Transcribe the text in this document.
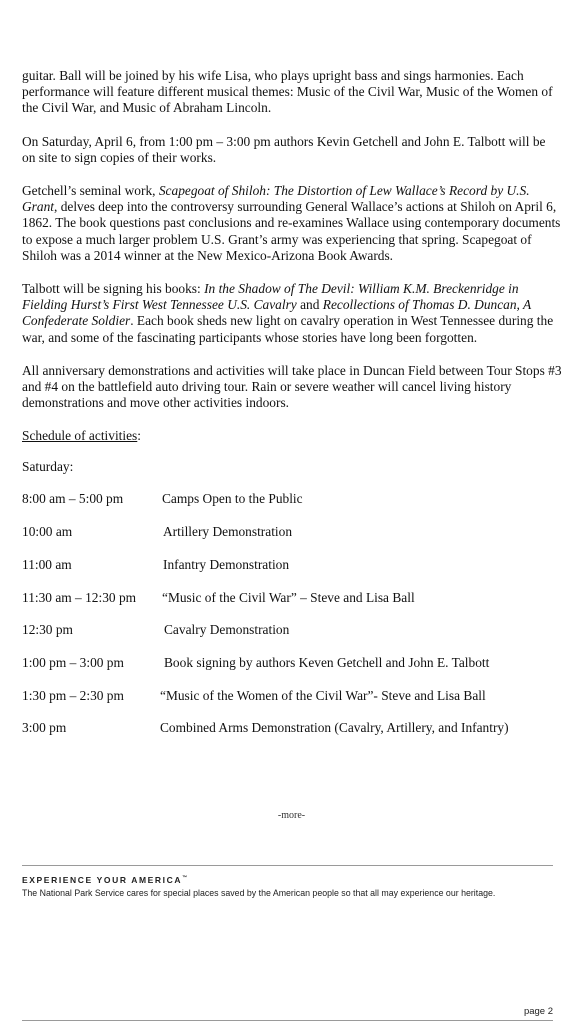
guitar. Ball will be joined by his wife Lisa, who plays upright bass and sings harmonies. Each performance will feature different musical themes: Music of the Civil War, Music of the Women of the Civil War, and Music of Abraham Lincoln.

On Saturday, April 6, from 1:00 pm – 3:00 pm authors Kevin Getchell and John E. Talbott will be on site to sign copies of their works.

Getchell’s seminal work, Scapegoat of Shiloh: The Distortion of Lew Wallace’s Record by U.S. Grant, delves deep into the controversy surrounding General Wallace’s actions at Shiloh on April 6, 1862. The book questions past conclusions and re-examines Wallace using contemporary documents to expose a much larger problem U.S. Grant’s army was experiencing that spring. Scapegoat of Shiloh was a 2014 winner at the New Mexico-Arizona Book Awards.

Talbott will be signing his books: In the Shadow of The Devil: William K.M. Breckenridge in Fielding Hurst’s First West Tennessee U.S. Cavalry and Recollections of Thomas D. Duncan, A Confederate Soldier. Each book sheds new light on cavalry operation in West Tennessee during the war, and some of the fascinating participants whose stories have long been forgotten.

All anniversary demonstrations and activities will take place in Duncan Field between Tour Stops #3 and #4 on the battlefield auto driving tour. Rain or severe weather will cancel living history demonstrations and move other activities indoors.

Schedule of activities:
Saturday:
8:00 am – 5:00 pm	Camps Open to the Public
10:00 am	Artillery Demonstration
11:00 am	Infantry Demonstration
11:30 am – 12:30 pm “Music of the Civil War” – Steve and Lisa Ball
12:30 pm	Cavalry Demonstration
1:00 pm – 3:00 pm	Book signing by authors Keven Getchell and John E. Talbott
1:30 pm – 2:30 pm	“Music of the Women of the Civil War”- Steve and Lisa Ball
3:00 pm	Combined Arms Demonstration (Cavalry, Artillery, and Infantry)
-more-
EXPERIENCE YOUR AMERICA™
The National Park Service cares for special places saved by the American people so that all may experience our heritage.
page 2
